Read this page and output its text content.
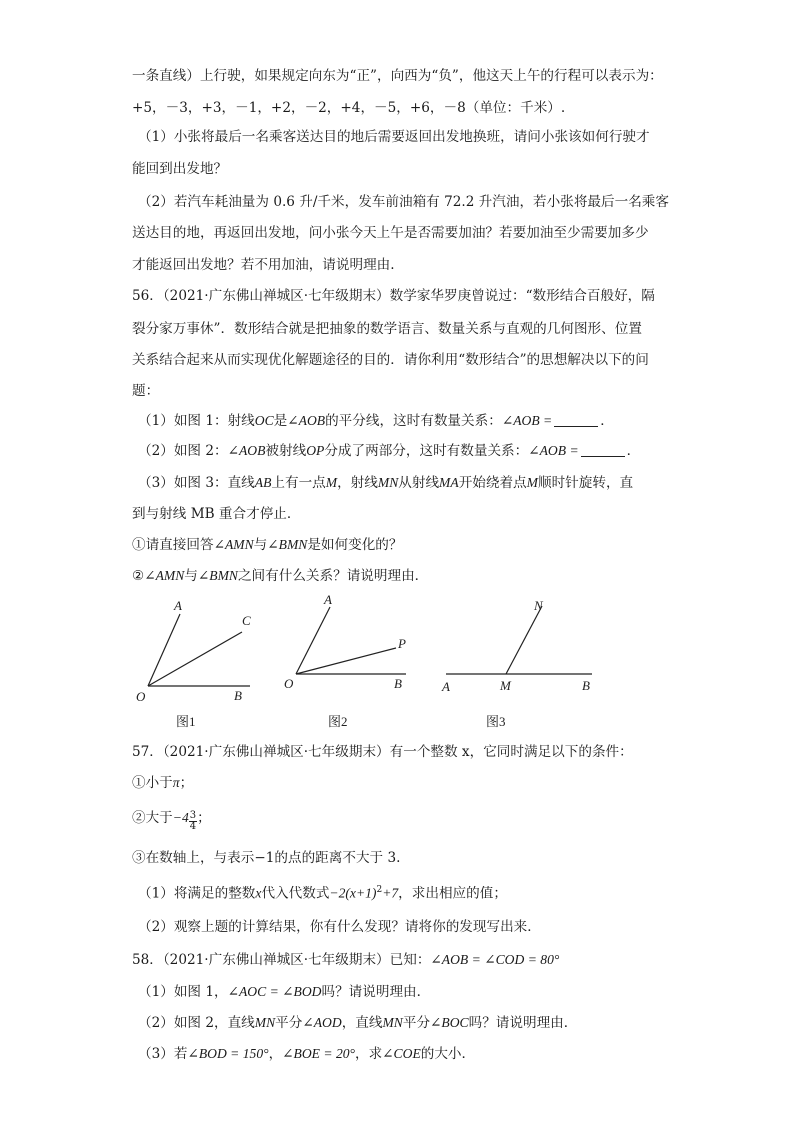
一条直线）上行驶，如果规定向东为“正”，向西为“负”，他这天上午的行程可以表示为：
+5，－3，+3，－1，+2，－2，+4，－5，+6，－8（单位：千米）.
（1）小张将最后一名乘客送达目的地后需要返回出发地换班，请问小张该如何行驶才
能回到出发地？
（2）若汽车耗油量为 0.6 升/千米，发车前油箱有 72.2 升汽油，若小张将最后一名乘客
送达目的地，再返回出发地，问小张今天上午是否需要加油？若要加油至少需要加多少
才能返回出发地？若不用加油，请说明理由.
56．（2021·广东佛山禅城区·七年级期末）数学家华罗庚曾说过：“数形结合百般好，隔
裂分家万事休”．数形结合就是把抽象的数学语言、数量关系与直观的几何图形、位置
关系结合起来从而实现优化解题途径的目的．请你利用“数形结合”的思想解决以下的问
题：
（1）如图 1：射线OC是∠AOB的平分线，这时有数量关系：∠AOB =	．
（2）如图 2：∠AOB被射线OP分成了两部分，这时有数量关系：∠AOB =	．
（3）如图 3：直线AB上有一点M，射线MN从射线MA开始绕着点M顺时针旋转，直
到与射线 MB 重合才停止．
①请直接回答∠AMN与∠BMN是如何变化的？
②∠AMN与∠BMN之间有什么关系？请说明理由．
A
C
O	B
图1
A
P
O	B
图2
N
A	M	B
图3
57．（2021·广东佛山禅城区·七年级期末）有一个整数 x，它同时满足以下的条件：
①小于π；
②大于$-4 \frac{3}{4}$ ；
③在数轴上，与表示−1的点的距离不大于 3.
（1）将满足的整数x代入代数式$-2(x+1)^2+7$，求出相应的值；
（2）观察上题的计算结果，你有什么发现？请将你的发现写出来．
58．（2021·广东佛山禅城区·七年级期末）已知：∠AOB = ∠COD = 80°
（1）如图 1，∠AOC = ∠BOD吗？请说明理由．
（2）如图 2，直线MN平分∠AOD，直线MN平分∠BOC吗？请说明理由．
（3）若∠BOD = 150°，∠BOE = 20°，求∠COE的大小．
